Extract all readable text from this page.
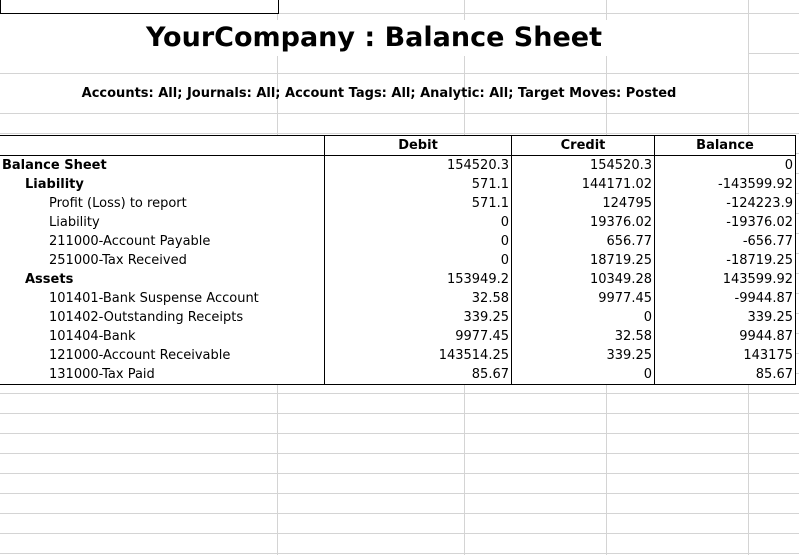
YourCompany : Balance Sheet
Accounts: All; Journals: All; Account Tags: All; Analytic: All; Target Moves: Posted
	Debit	Credit	Balance
Balance Sheet	154520.3	154520.3	0
Liability	571.1	144171.02	-143599.92
Profit (Loss) to report	571.1	124795	-124223.9
Liability	0	19376.02	-19376.02
211000-Account Payable	0	656.77	-656.77
251000-Tax Received	0	18719.25	-18719.25
Assets	153949.2	10349.28	143599.92
101401-Bank Suspense Account	32.58	9977.45	-9944.87
101402-Outstanding Receipts	339.25	0	339.25
101404-Bank	9977.45	32.58	9944.87
121000-Account Receivable	143514.25	339.25	143175
131000-Tax Paid	85.67	0	85.67
